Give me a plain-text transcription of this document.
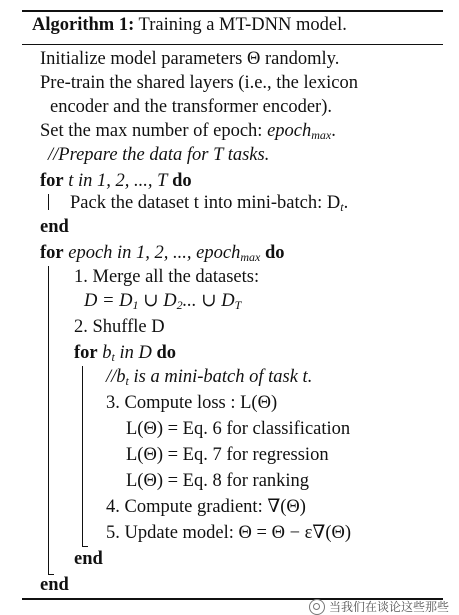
Algorithm 1: Training a MT-DNN model.
Initialize model parameters Θ randomly.
Pre-train the shared layers (i.e., the lexicon
encoder and the transformer encoder).
Set the max number of epoch: epoch$_{max}$.
//Prepare the data for T tasks.
for t in 1, 2, ..., T do
Pack the dataset t into mini-batch: $D_t$.
end
for epoch in 1, 2, ..., epoch$_{max}$ do
1. Merge all the datasets:
$D = D_1$ ∪ $D_2$... ∪ $D_T$
2. Shuffle D
for $b_t$ in D do
$//b_t$ is a mini-batch of task t.
3. Compute loss : L(Θ)
L(Θ) = Eq. 6 for classification
L(Θ) = Eq. 7 for regression
L(Θ) = Eq. 8 for ranking
4. Compute gradient: ∇(Θ)
5. Update model: Θ = Θ − ε∇(Θ)
end
end
当我们在谈论这些那些
